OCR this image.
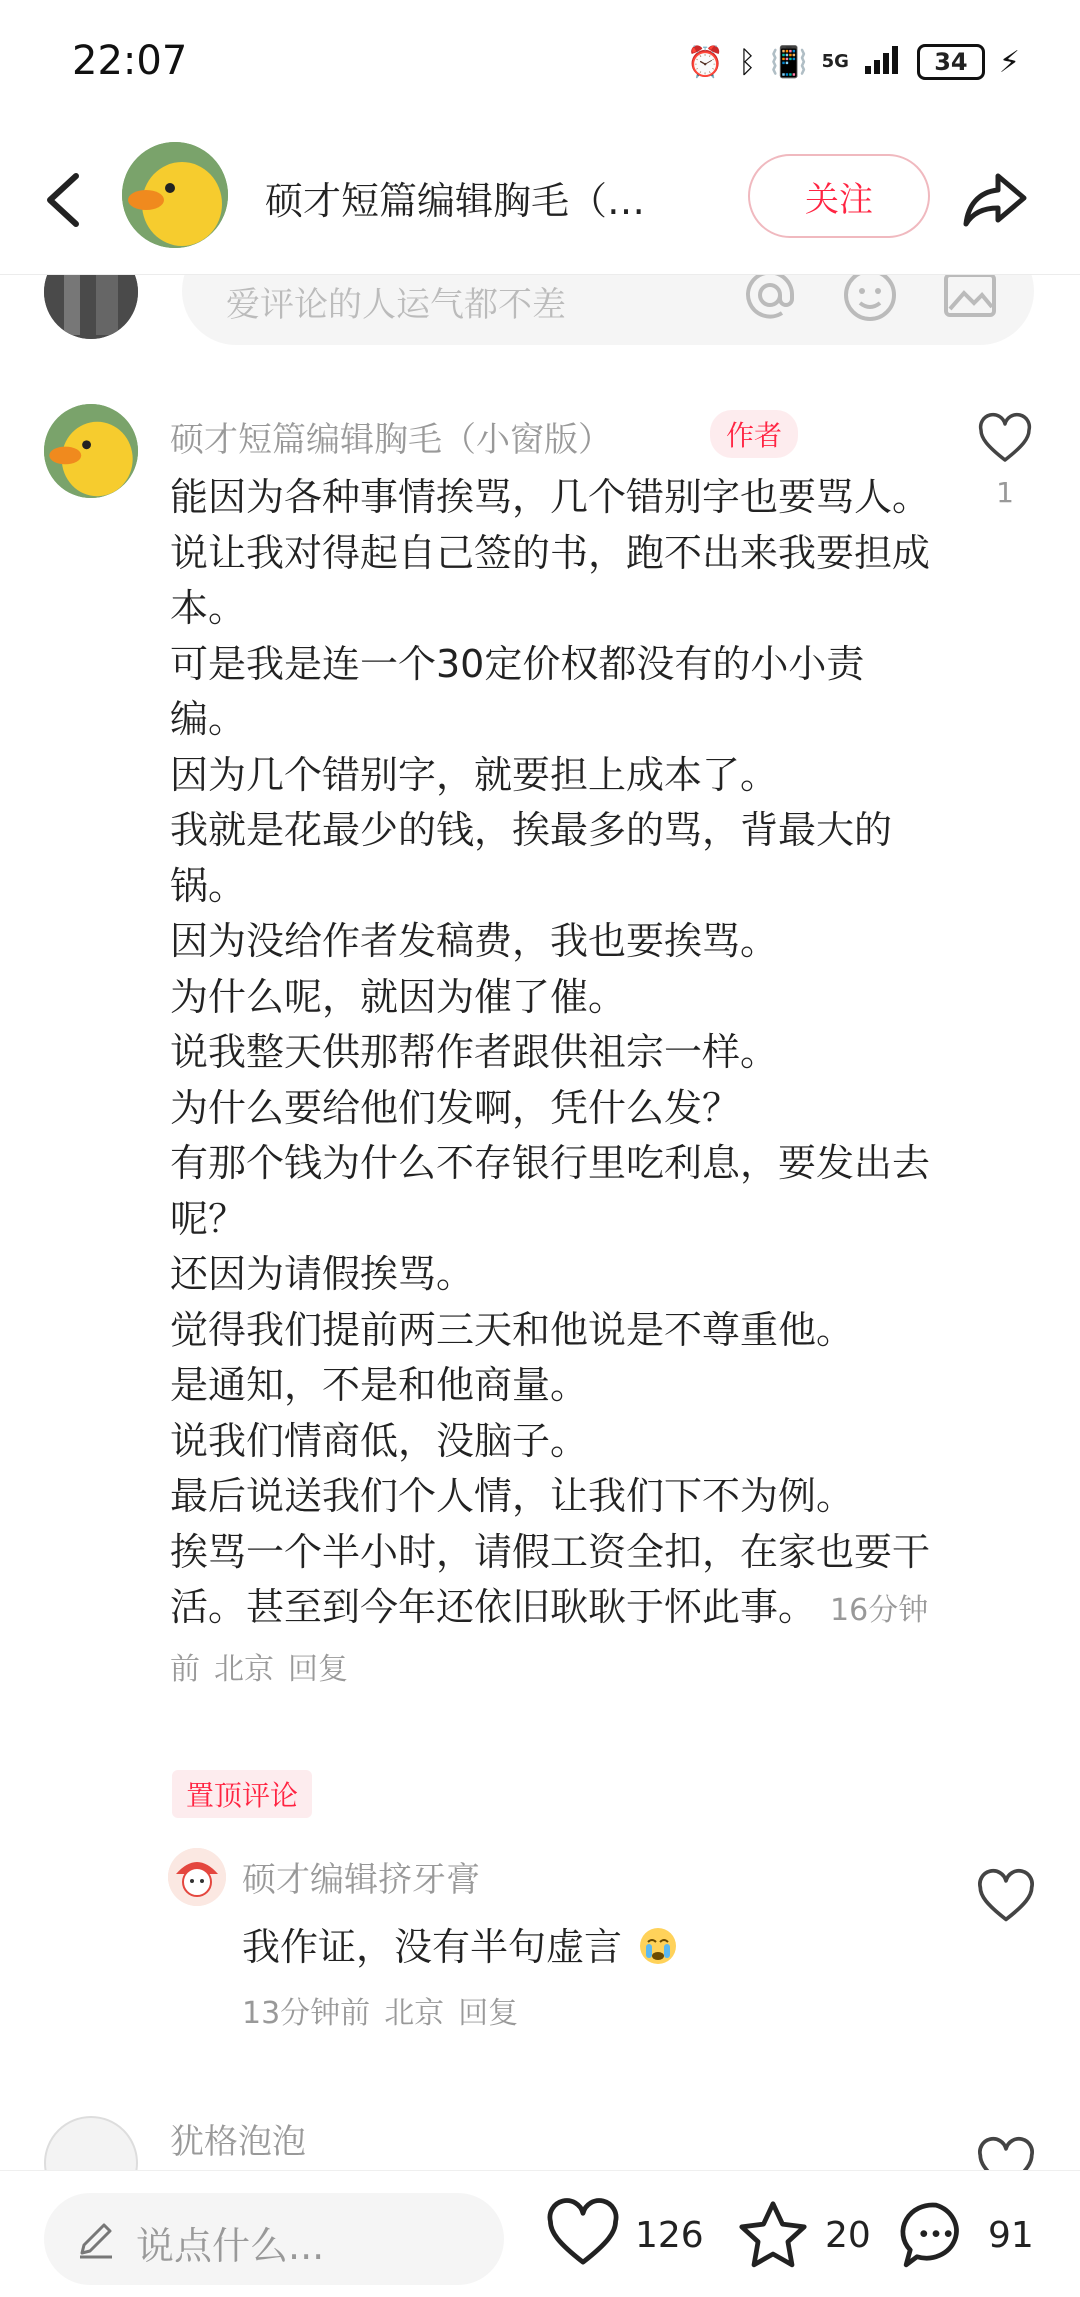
22:07	⏰ ᛒ 📳 5G	34	⚡
硕才短篇编辑胸毛（…	关注
爱评论的人运气都不差
硕才短篇编辑胸毛（小窗版）	作者
1

能因为各种事情挨骂，几个错别字也要骂人。

说让我对得起自己签的书，跑不出来我要担成本。

可是我是连一个30定价权都没有的小小责编。

因为几个错别字，就要担上成本了。

我就是花最少的钱，挨最多的骂，背最大的锅。

因为没给作者发稿费，我也要挨骂。

为什么呢，就因为催了催。

说我整天供那帮作者跟供祖宗一样。

为什么要给他们发啊，凭什么发？

有那个钱为什么不存银行里吃利息，要发出去呢？

还因为请假挨骂。

觉得我们提前两三天和他说是不尊重他。

是通知，不是和他商量。

说我们情商低，没脑子。

最后说送我们个人情，让我们下不为例。

挨骂一个半小时，请假工资全扣，在家也要干活。甚至到今年还依旧耿耿于怀此事。 16分钟前 北京 回复

置顶评论
硕才编辑挤牙膏
我作证，没有半句虚言
13分钟前 北京 回复
犹格泡泡
说点什么...	126	20	91
